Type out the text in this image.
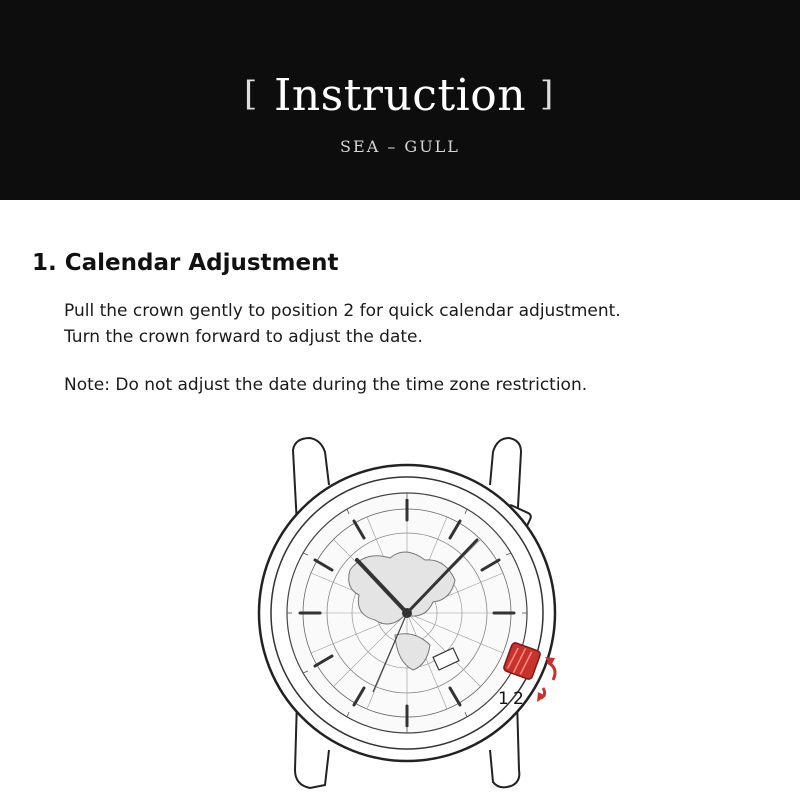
[ Instruction ]
SEA – GULL
1. Calendar Adjustment
Pull the crown gently to position 2 for quick calendar adjustment.
Turn the crown forward to adjust the date.
Note: Do not adjust the date during the time zone restriction.
1 2
